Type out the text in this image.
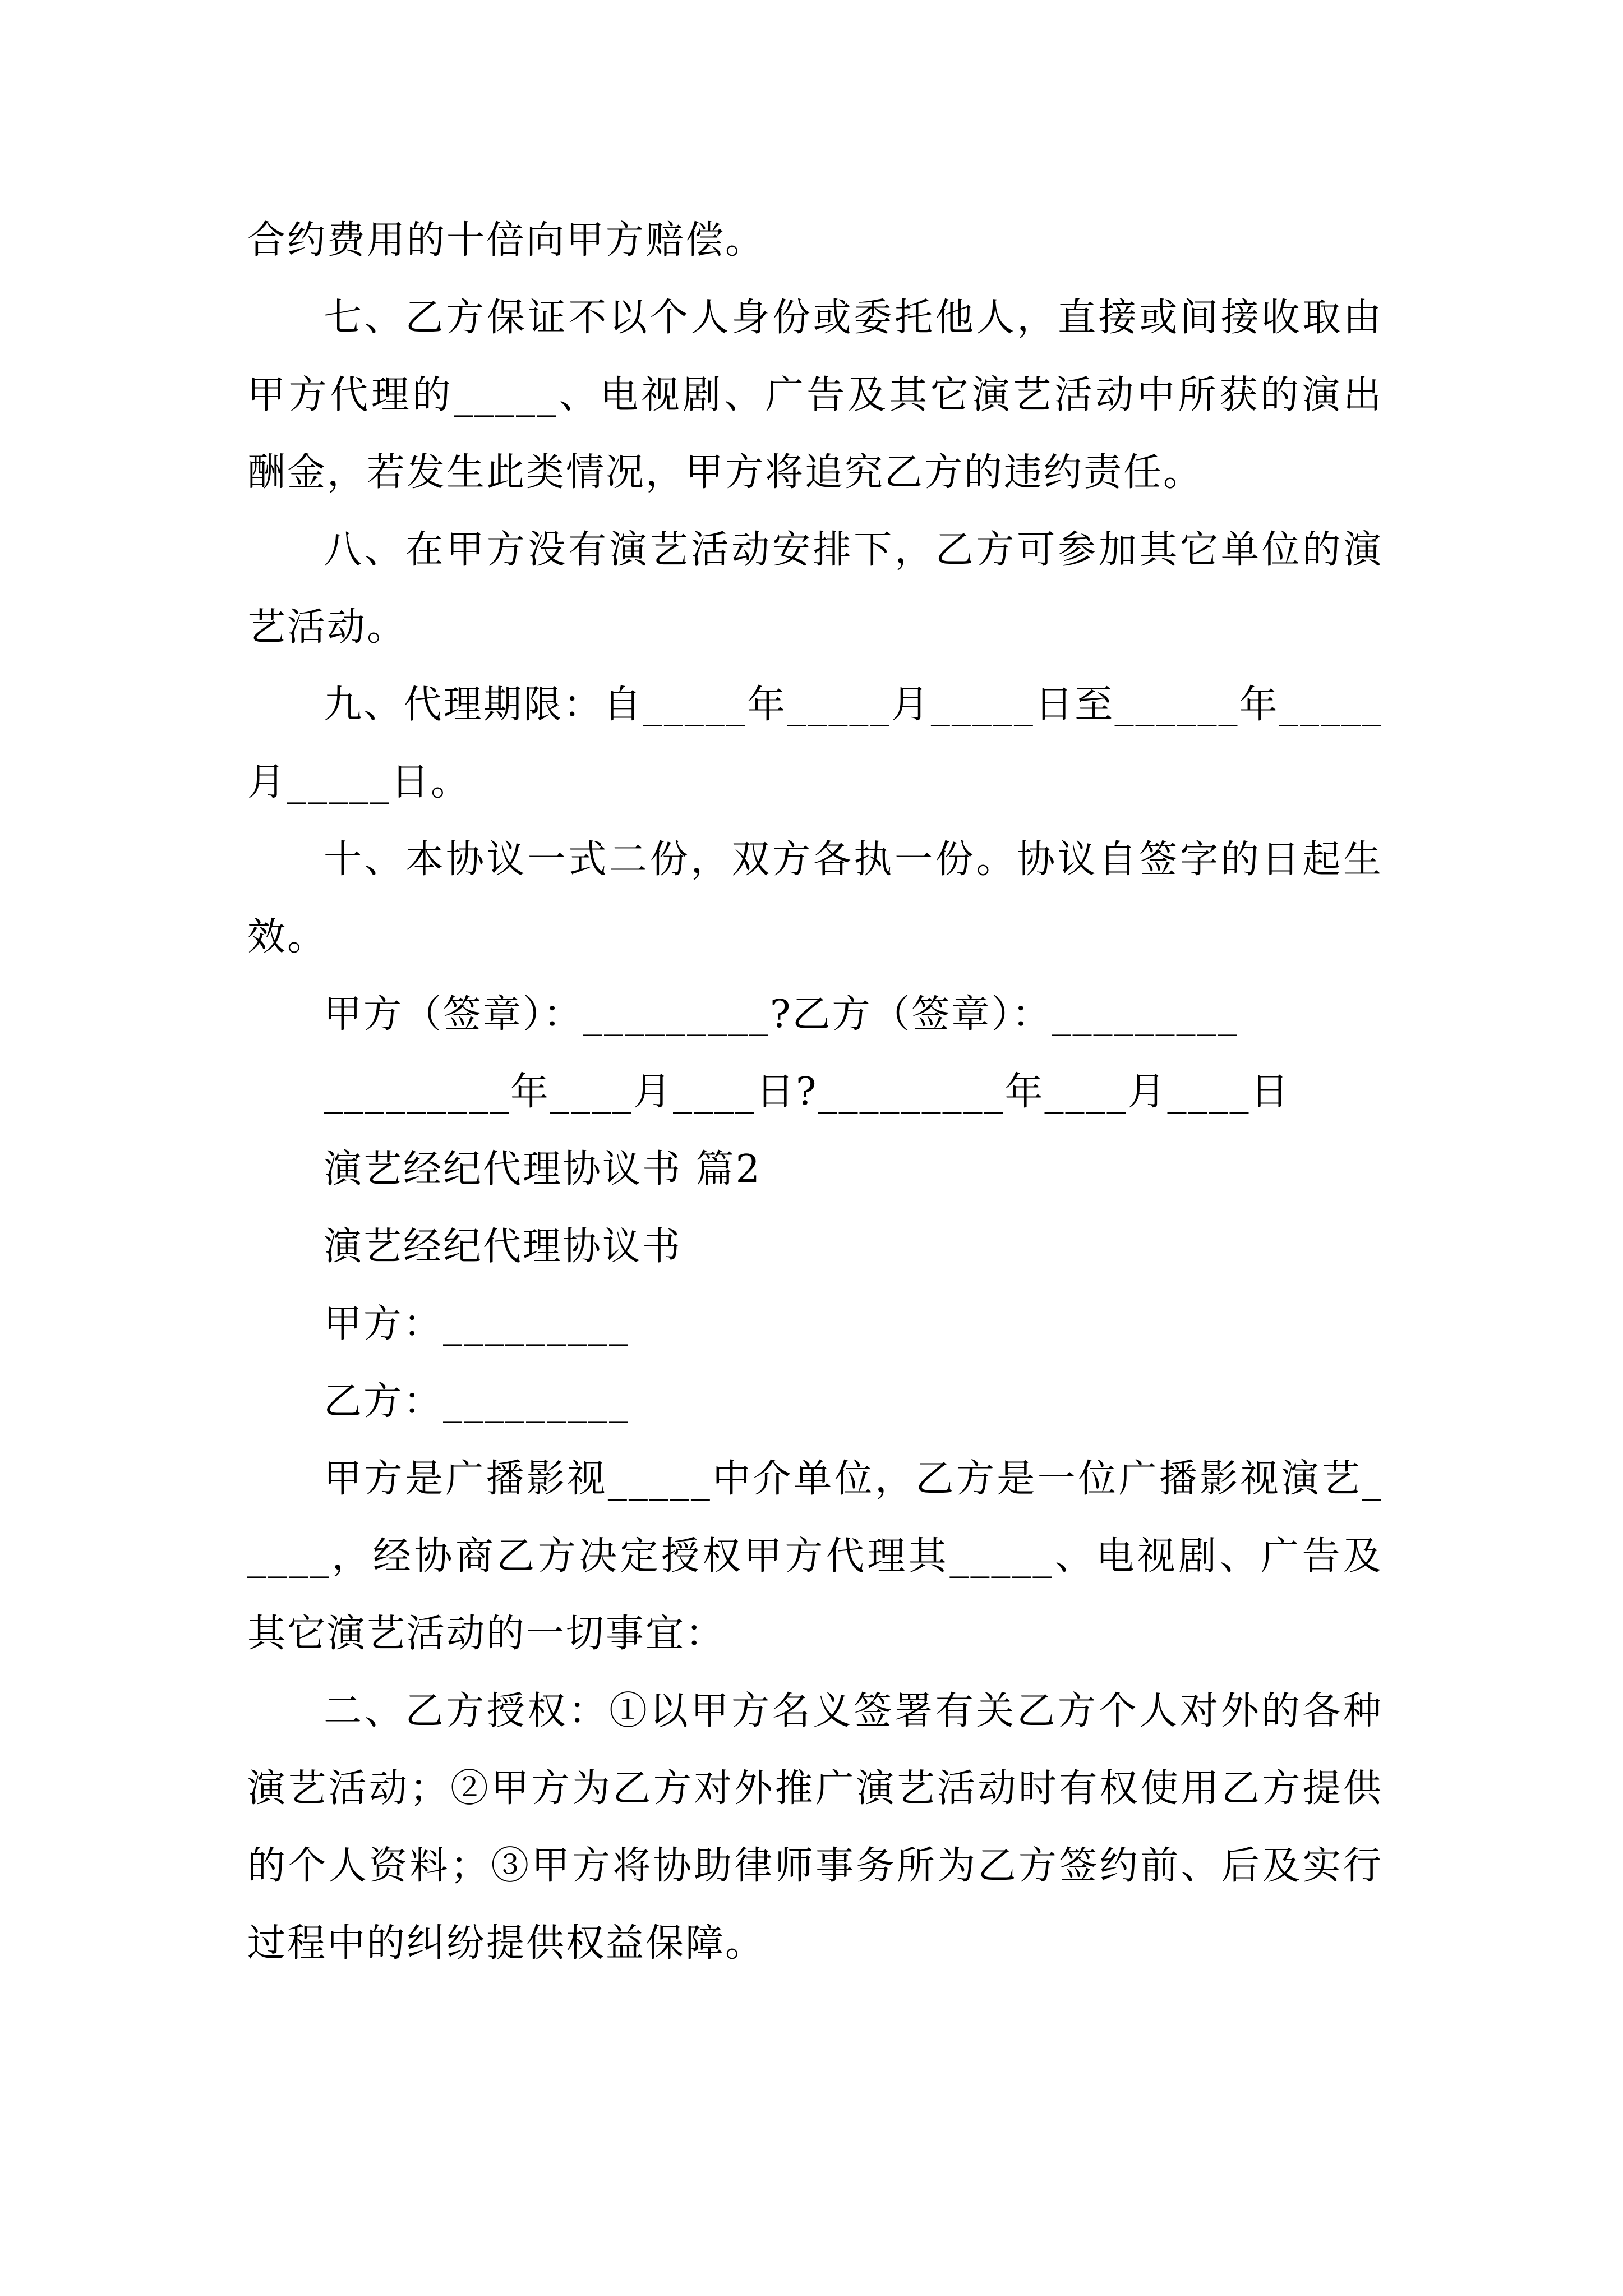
合约费用的十倍向甲方赔偿。

七、乙方保证不以个人身份或委托他人，直接或间接收取由甲方代理的_____、电视剧、广告及其它演艺活动中所获的演出酬金，若发生此类情况，甲方将追究乙方的违约责任。

八、在甲方没有演艺活动安排下，乙方可参加其它单位的演艺活动。

九、代理期限：自_____年_____月_____日至______年_____月_____日。

十、本协议一式二份，双方各执一份。协议自签字的日起生效。

甲方（签章）：_________?乙方（签章）：_________

_________年____月____日?_________年____月____日

演艺经纪代理协议书 篇2

演艺经纪代理协议书

甲方：_________

乙方：_________

甲方是广播影视_____中介单位，乙方是一位广播影视演艺_____，经协商乙方决定授权甲方代理其_____、电视剧、广告及其它演艺活动的一切事宜：

二、乙方授权：①以甲方名义签署有关乙方个人对外的各种演艺活动；②甲方为乙方对外推广演艺活动时有权使用乙方提供的个人资料；③甲方将协助律师事务所为乙方签约前、后及实行过程中的纠纷提供权益保障。
